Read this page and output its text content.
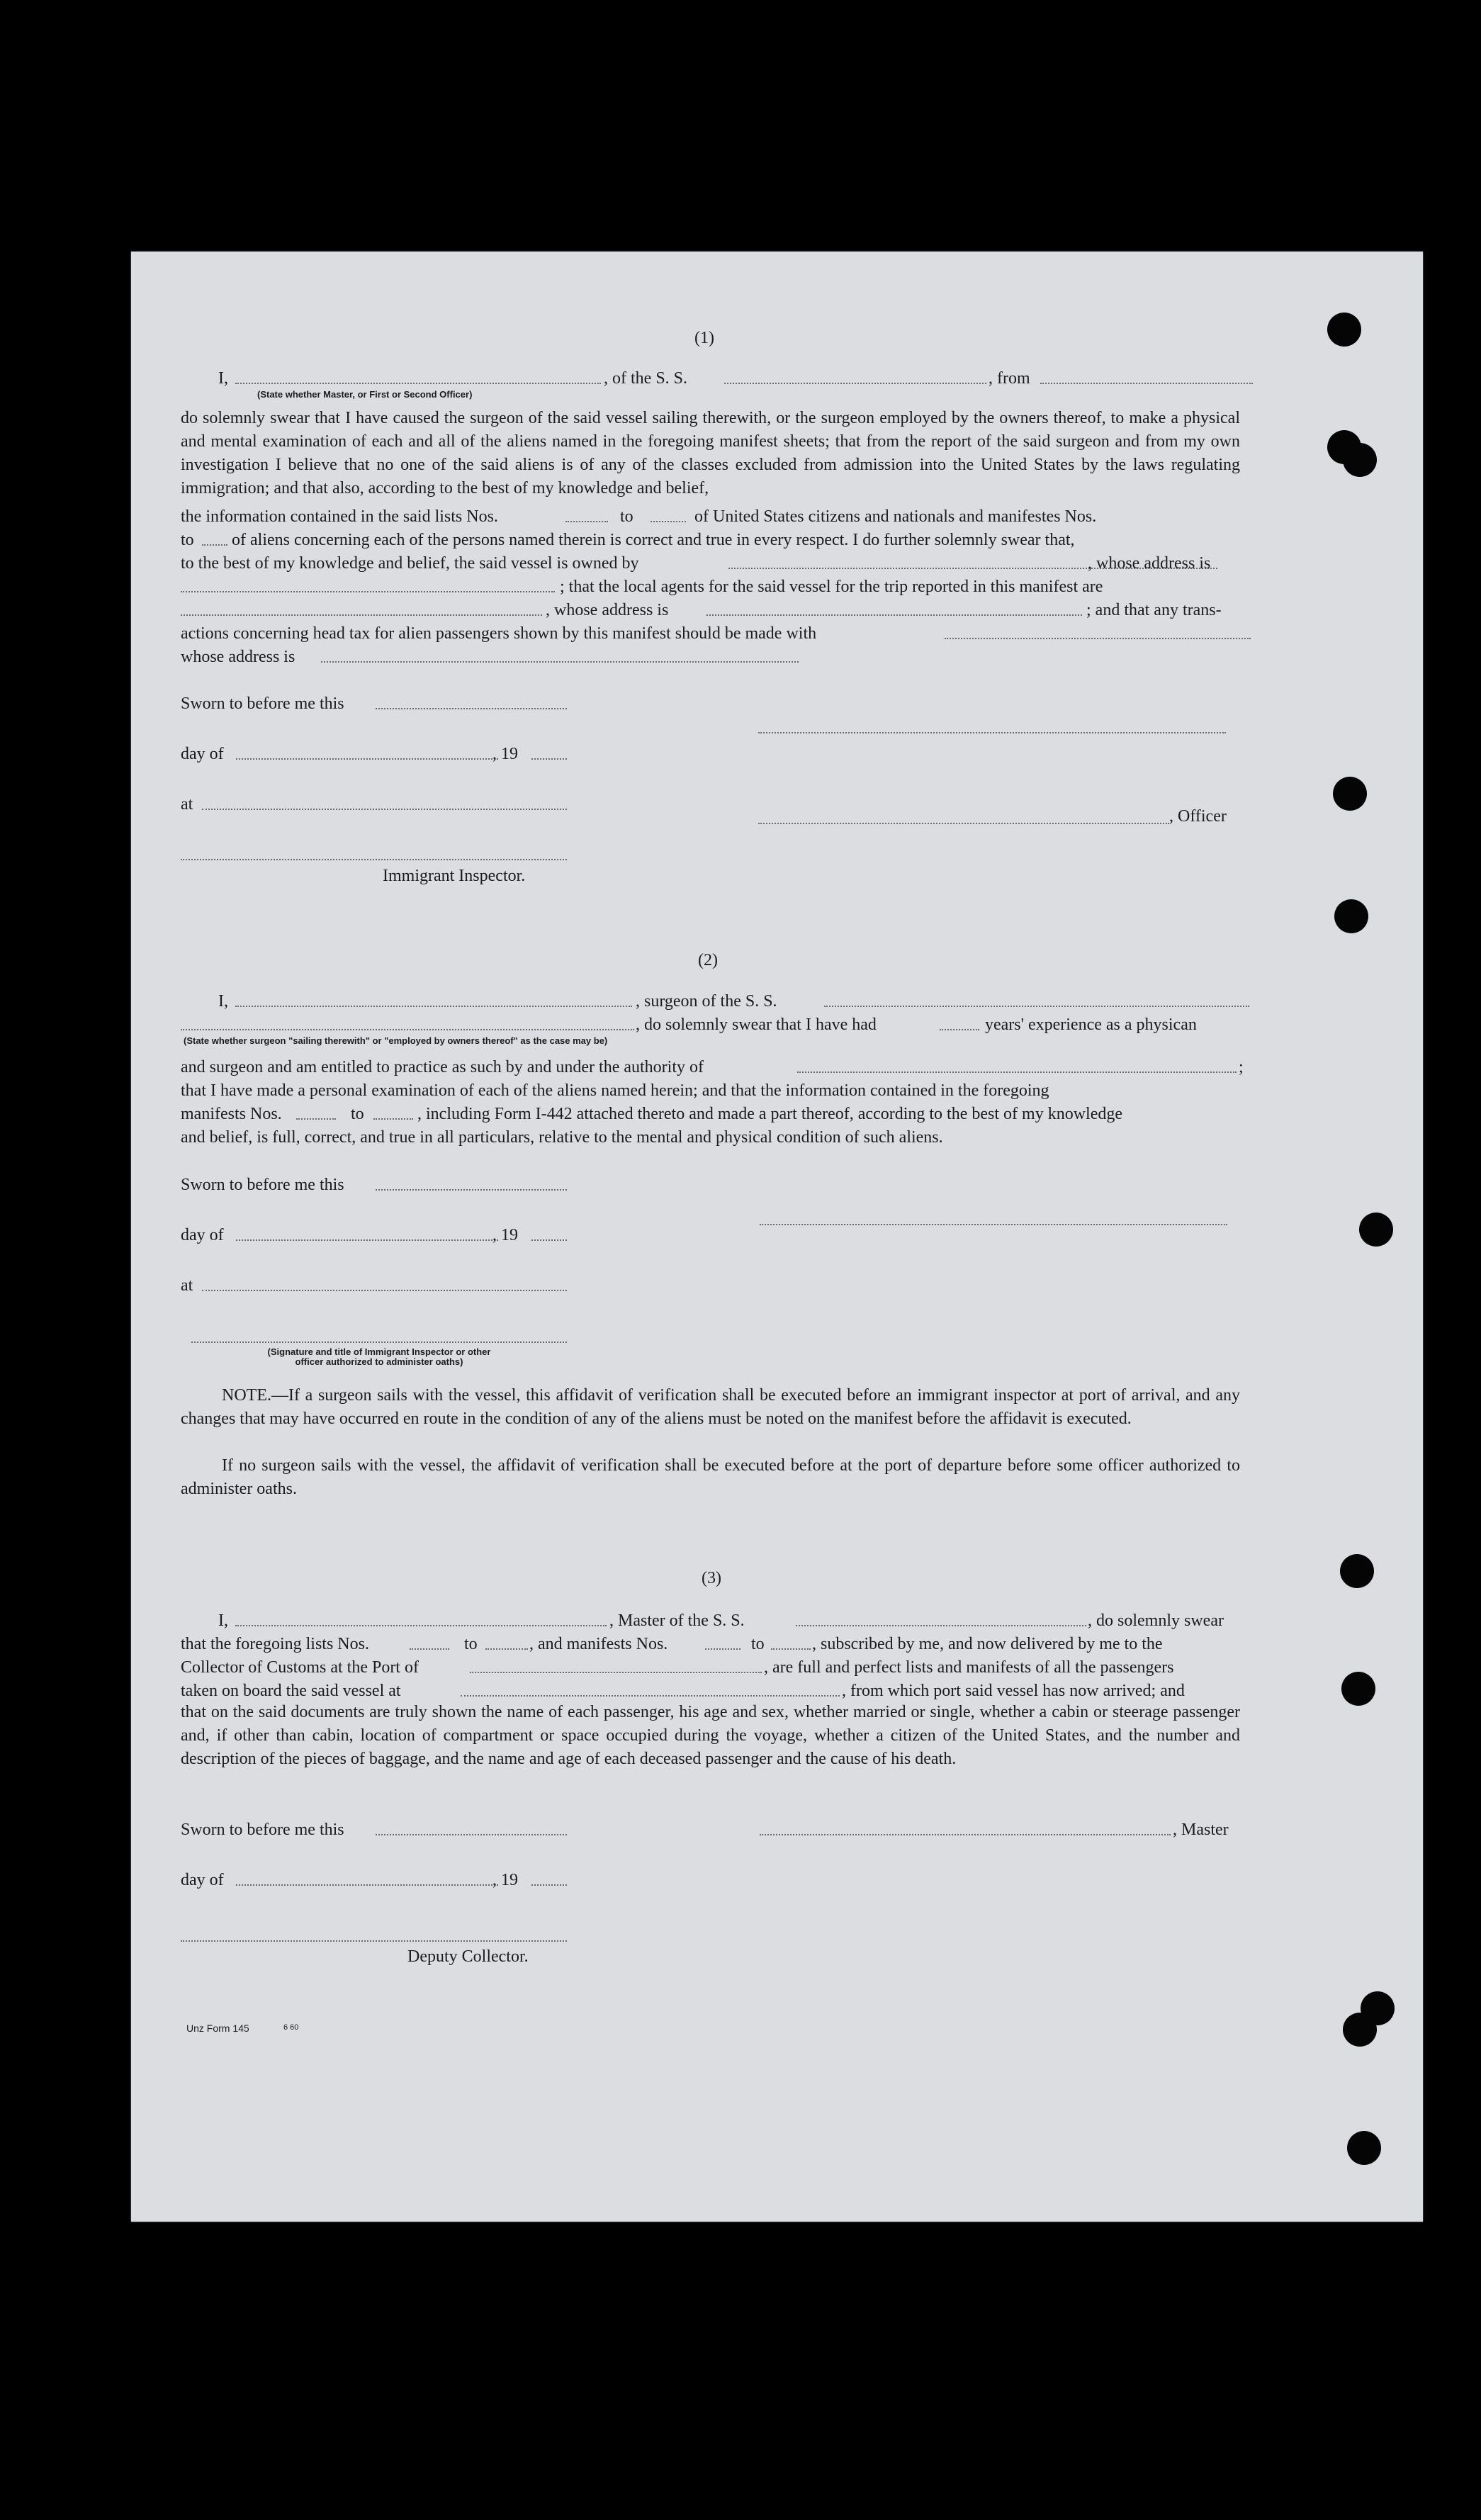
(1)
I,	, of the S. S.	, from
(State whether Master, or First or Second Officer)
do solemnly swear that I have caused the surgeon of the said vessel sailing therewith, or the surgeon employed by the owners thereof, to make a physical and mental examination of each and all of the aliens named in the foregoing manifest sheets; that from the report of the said surgeon and from my own investigation I believe that no one of the said aliens is of any of the classes excluded from admission into the United States by the laws regulating immigration; and that also, according to the best of my knowledge and belief,
the information contained in the said lists Nos.	to	of United States citizens and nationals and manifestes Nos.
to of aliens concerning each of the persons named therein is correct and true in every respect. I do further solemnly swear that,
to the best of my knowledge and belief, the said vessel is owned by	, whose address is
; that the local agents for the said vessel for the trip reported in this manifest are
, whose address is	; and that any trans-
actions concerning head tax for alien passengers shown by this manifest should be made with
whose address is
Sworn to before me this
day of	, 19
at
, Officer
Immigrant Inspector.
(2)
I,	, surgeon of the S. S.
, do solemnly swear that I have had	years' experience as a physican
(State whether surgeon "sailing therewith" or "employed by owners thereof" as the case may be)
and surgeon and am entitled to practice as such by and under the authority of	;
that I have made a personal examination of each of the aliens named herein; and that the information contained in the foregoing
manifests Nos.	to	, including Form I-442 attached thereto and made a part thereof, according to the best of my knowledge
and belief, is full, correct, and true in all particulars, relative to the mental and physical condition of such aliens.
Sworn to before me this
day of	, 19
at
(Signature and title of Immigrant Inspector or other
officer authorized to administer oaths)
NOTE.—If a surgeon sails with the vessel, this affidavit of verification shall be executed before an immigrant inspector at port of arrival, and any changes that may have occurred en route in the condition of any of the aliens must be noted on the manifest before the affidavit is executed.
If no surgeon sails with the vessel, the affidavit of verification shall be executed before at the port of departure before some officer authorized to administer oaths.
(3)
I,	, Master of the S. S.	, do solemnly swear
that the foregoing lists Nos.	to	, and manifests Nos.	to	, subscribed by me, and now delivered by me to the
Collector of Customs at the Port of	, are full and perfect lists and manifests of all the passengers
taken on board the said vessel at	, from which port said vessel has now arrived; and
that on the said documents are truly shown the name of each passenger, his age and sex, whether married or single, whether a cabin or steerage passenger and, if other than cabin, location of compartment or space occupied during the voyage, whether a citizen of the United States, and the number and description of the pieces of baggage, and the name and age of each deceased passenger and the cause of his death.
Sworn to before me this	, Master
day of	, 19
Deputy Collector.
Unz Form 145	6 60
